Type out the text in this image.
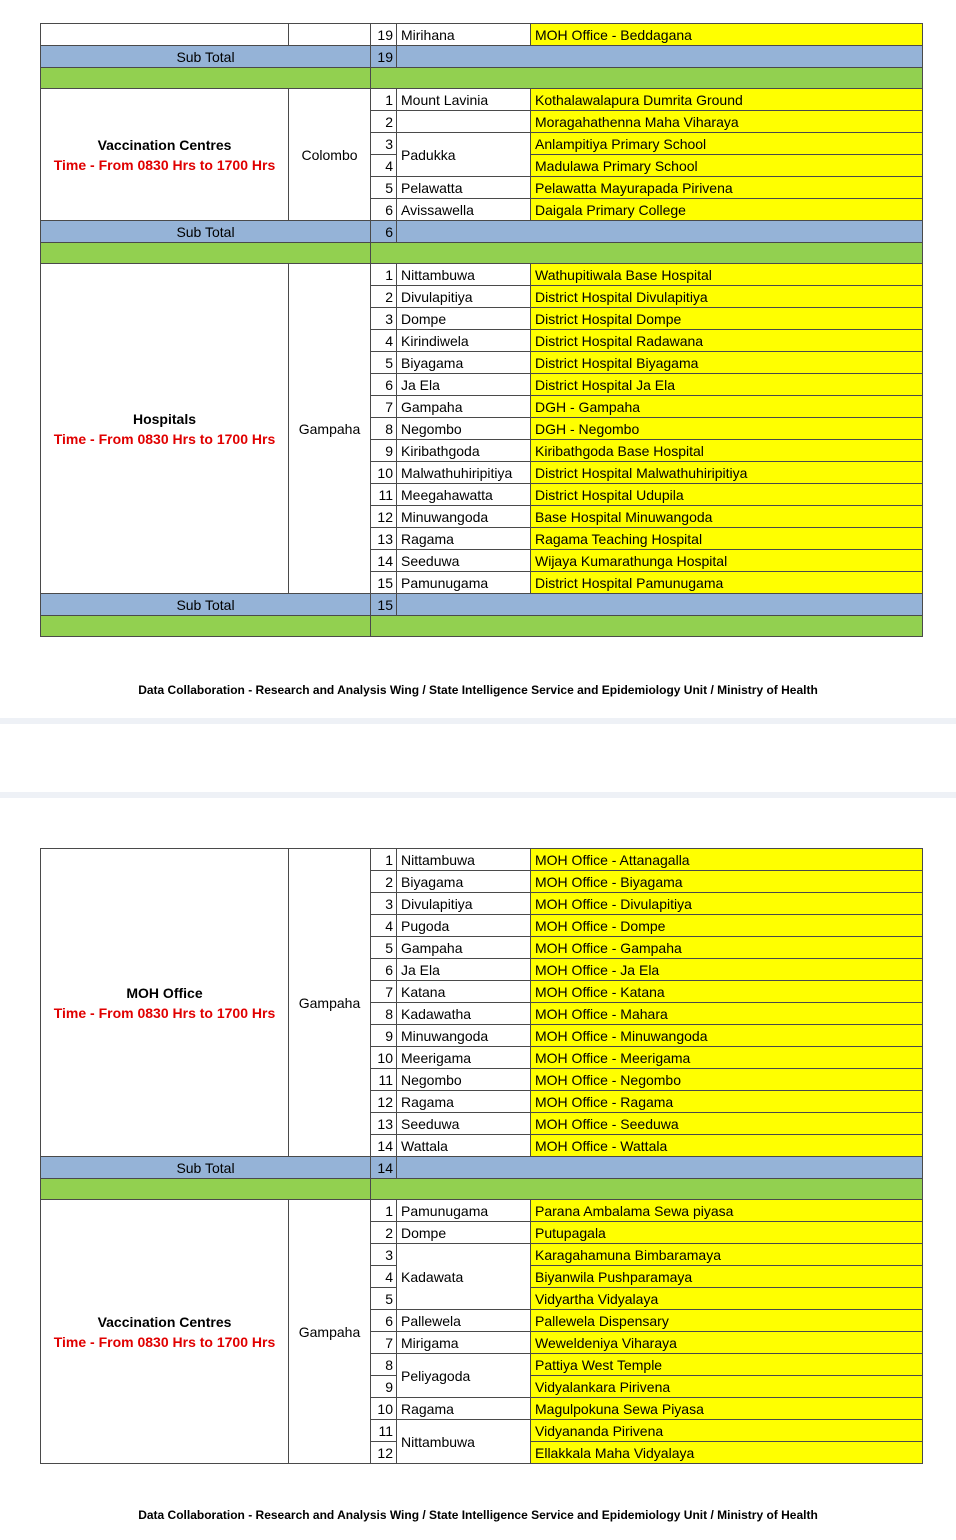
		19	Mirihana	MOH Office - Beddagana
Sub Total		19		

Vaccination Centres
Time - From 0830 Hrs to 1700 Hrs	Colombo	1	Mount Lavinia	Kothalawalapura Dumrita Ground
		2		Moragahathenna Maha Viharaya
		3	Padukka	Anlampitiya Primary School
		4		Madulawa Primary School
		5	Pelawatta	Pelawatta Mayurapada Pirivena
		6	Avissawella	Daigala Primary College
Sub Total		6		

Hospitals
Time - From 0830 Hrs to 1700 Hrs	Gampaha	1	Nittambuwa	Wathupitiwala Base Hospital
		2	Divulapitiya	District Hospital Divulapitiya
		3	Dompe	District Hospital Dompe
		4	Kirindiwela	District Hospital Radawana
		5	Biyagama	District Hospital Biyagama
		6	Ja Ela	District Hospital Ja Ela
		7	Gampaha	DGH - Gampaha
		8	Negombo	DGH - Negombo
		9	Kiribathgoda	Kiribathgoda Base Hospital
		10	Malwathuhiripitiya	District Hospital Malwathuhiripitiya
		11	Meegahawatta	District Hospital Udupila
		12	Minuwangoda	Base Hospital Minuwangoda
		13	Ragama	Ragama Teaching Hospital
		14	Seeduwa	Wijaya Kumarathunga Hospital
		15	Pamunugama	District Hospital Pamunugama
Sub Total		15		

Data Collaboration - Research and Analysis Wing / State Intelligence Service and Epidemiology Unit / Ministry of Health
MOH Office
Time - From 0830 Hrs to 1700 Hrs	Gampaha	1	Nittambuwa	MOH Office - Attanagalla
		2	Biyagama	MOH Office - Biyagama
		3	Divulapitiya	MOH Office - Divulapitiya
		4	Pugoda	MOH Office - Dompe
		5	Gampaha	MOH Office - Gampaha
		6	Ja Ela	MOH Office - Ja Ela
		7	Katana	MOH Office - Katana
		8	Kadawatha	MOH Office - Mahara
		9	Minuwangoda	MOH Office - Minuwangoda
		10	Meerigama	MOH Office - Meerigama
		11	Negombo	MOH Office - Negombo
		12	Ragama	MOH Office - Ragama
		13	Seeduwa	MOH Office - Seeduwa
		14	Wattala	MOH Office - Wattala
Sub Total		14		

Vaccination Centres
Time - From 0830 Hrs to 1700 Hrs	Gampaha	1	Pamunugama	Parana Ambalama Sewa piyasa
		2	Dompe	Putupagala
		3	Kadawata	Karagahamuna Bimbaramaya
		4		Biyanwila Pushparamaya
		5		Vidyartha Vidyalaya
		6	Pallewela	Pallewela Dispensary
		7	Mirigama	Weweldeniya Viharaya
		8	Peliyagoda	Pattiya West Temple
		9		Vidyalankara Pirivena
		10	Ragama	Magulpokuna Sewa Piyasa
		11	Nittambuwa	Vidyananda Pirivena
		12		Ellakkala Maha Vidyalaya
Data Collaboration - Research and Analysis Wing / State Intelligence Service and Epidemiology Unit / Ministry of Health
